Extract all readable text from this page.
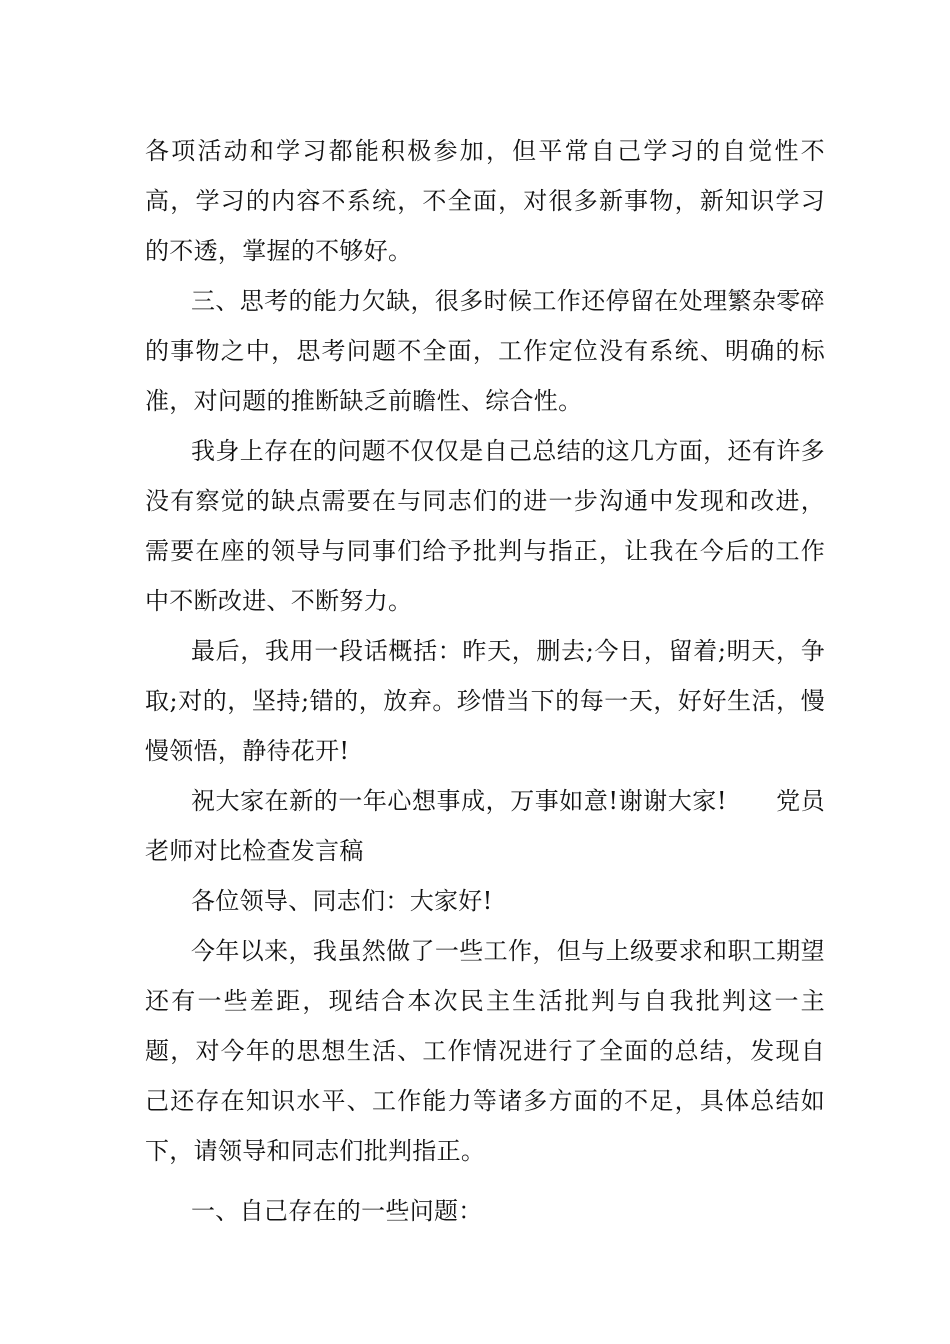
各项活动和学习都能积极参加，但平常自己学习的自觉性不高，学习的内容不系统，不全面，对很多新事物，新知识学习的不透，掌握的不够好。

三、思考的能力欠缺，很多时候工作还停留在处理繁杂零碎的事物之中，思考问题不全面，工作定位没有系统、明确的标准，对问题的推断缺乏前瞻性、综合性。

我身上存在的问题不仅仅是自己总结的这几方面，还有许多没有察觉的缺点需要在与同志们的进一步沟通中发现和改进，需要在座的领导与同事们给予批判与指正，让我在今后的工作中不断改进、不断努力。

最后，我用一段话概括：昨天，删去;今日，留着;明天，争取;对的，坚持;错的，放弃。珍惜当下的每一天，好好生活，慢慢领悟，静待花开!

祝大家在新的一年心想事成，万事如意!谢谢大家!　　党员老师对比检查发言稿

各位领导、同志们：大家好!

今年以来，我虽然做了一些工作，但与上级要求和职工期望还有一些差距，现结合本次民主生活批判与自我批判这一主题，对今年的思想生活、工作情况进行了全面的总结，发现自己还存在知识水平、工作能力等诸多方面的不足，具体总结如下，请领导和同志们批判指正。

一、自己存在的一些问题：
